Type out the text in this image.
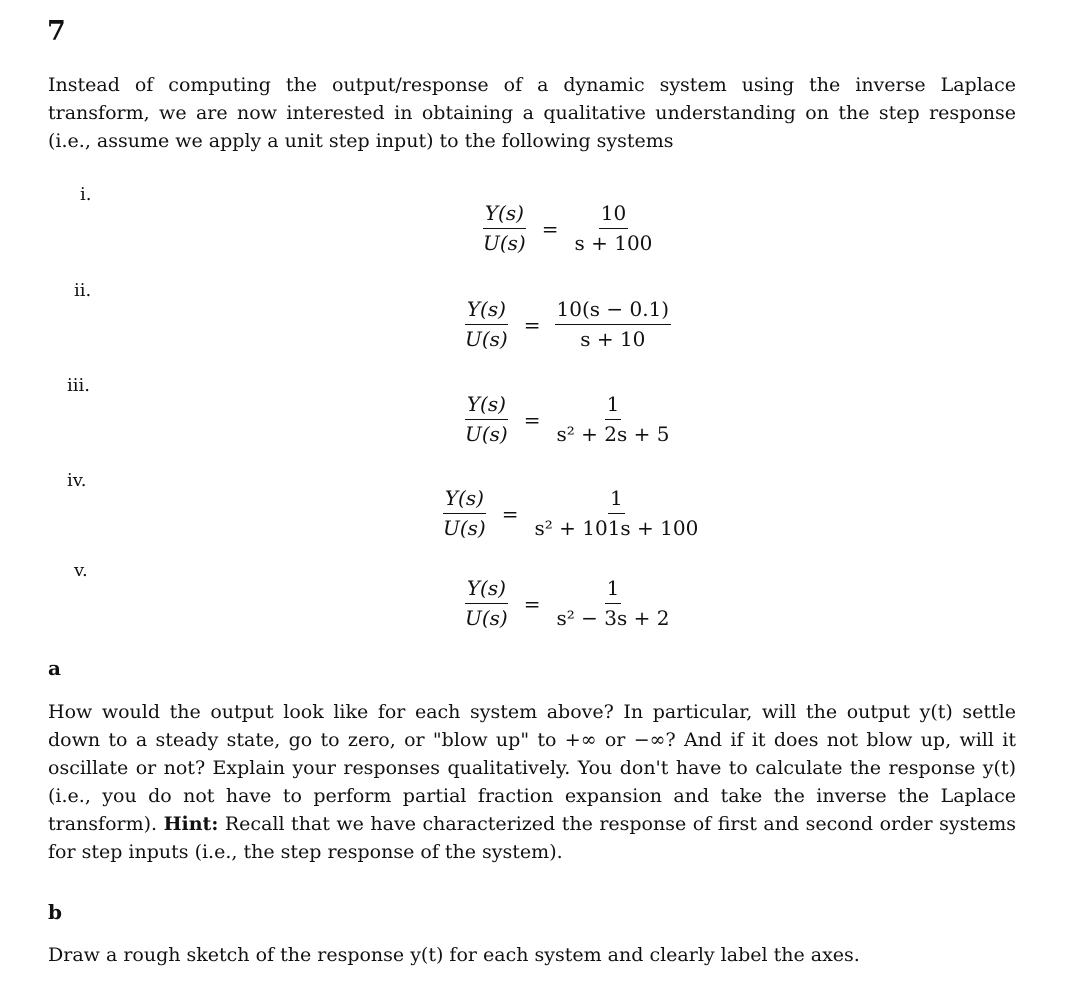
7
Instead of computing the output/response of a dynamic system using the inverse Laplace transform, we are now interested in obtaining a qualitative understanding on the step response (i.e., assume we apply a unit step input) to the following systems
i.
$\frac{Y(s)}{U(s)} = \frac{10}{s + 100}$
ii.
$\frac{Y(s)}{U(s)} = \frac{10(s - 0.1)}{s + 10}$
iii.
$\frac{Y(s)}{U(s)} = \frac{1}{\text{s² + 2s + 5}}$
iv.
$\frac{Y(s)}{U(s)} = \frac{1}{\text{s² + 101s + 100}}$
v.
$\frac{Y(s)}{U(s)} = \frac{1}{\text{s² − 3s + 2}}$
a
How would the output look like for each system above? In particular, will the output y(t) settle down to a steady state, go to zero, or "blow up" to +∞ or −∞? And if it does not blow up, will it oscillate or not? Explain your responses qualitatively. You don't have to calculate the response y(t) (i.e., you do not have to perform partial fraction expansion and take the inverse the Laplace transform). Hint: Recall that we have characterized the response of first and second order systems for step inputs (i.e., the step response of the system).
b
Draw a rough sketch of the response y(t) for each system and clearly label the axes.
